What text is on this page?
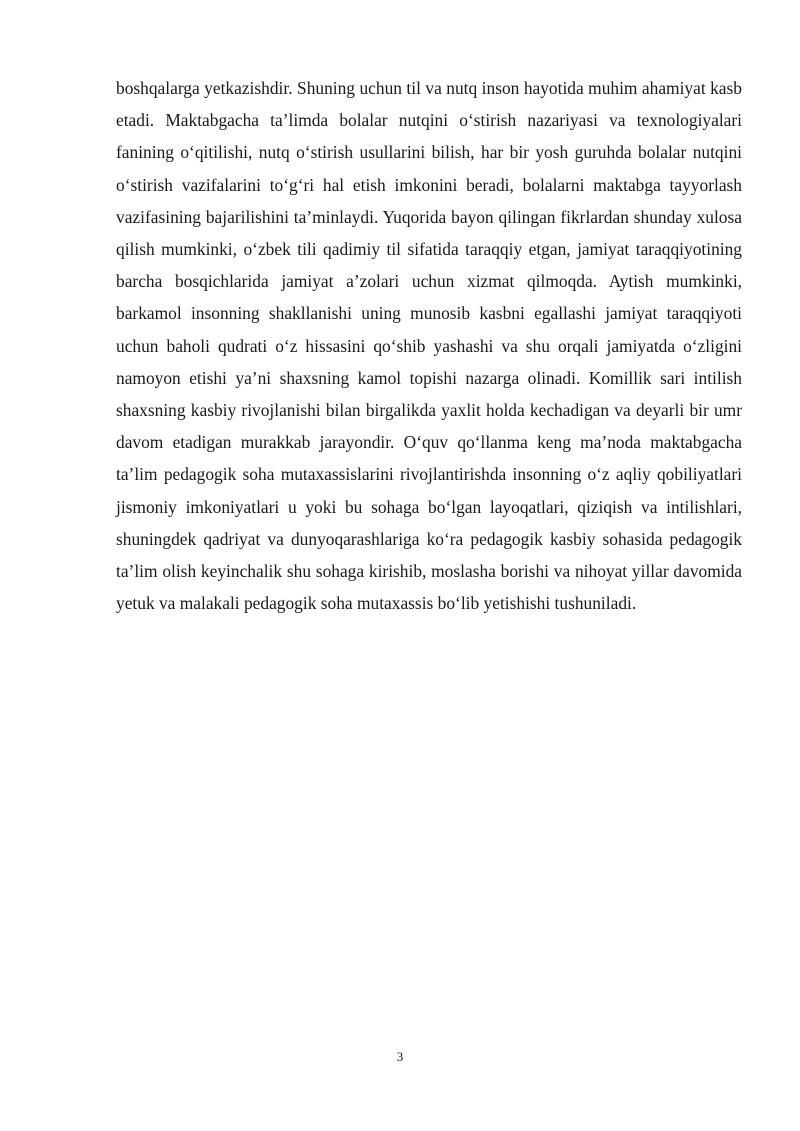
boshqalarga yetkazishdir. Shuning uchun til va nutq inson hayotida muhim ahamiyat kasb etadi. Maktabgacha ta’limda bolalar nutqini o‘stirish nazariyasi va texnologiyalari fanining o‘qitilishi, nutq o‘stirish usullarini bilish, har bir yosh guruhda bolalar nutqini o‘stirish vazifalarini to‘g‘ri hal etish imkonini beradi, bolalarni maktabga tayyorlash vazifasining bajarilishini ta’minlaydi. Yuqorida bayon qilingan fikrlardan shunday xulosa qilish mumkinki, o‘zbek tili qadimiy til sifatida taraqqiy etgan, jamiyat taraqqiyotining barcha bosqichlarida jamiyat a’zolari uchun xizmat qilmoqda. Aytish mumkinki, barkamol insonning shakllanishi uning munosib kasbni egallashi jamiyat taraqqiyoti uchun baholi qudrati o‘z hissasini qo‘shib yashashi va shu orqali jamiyatda o‘zligini namoyon etishi ya’ni shaxsning kamol topishi nazarga olinadi. Komillik sari intilish shaxsning kasbiy rivojlanishi bilan birgalikda yaxlit holda kechadigan va deyarli bir umr davom etadigan murakkab jarayondir. O‘quv qo‘llanma keng ma’noda maktabgacha ta’lim pedagogik soha mutaxassislarini rivojlantirishda insonning o‘z aqliy qobiliyatlari jismoniy imkoniyatlari u yoki bu sohaga bo‘lgan layoqatlari, qiziqish va intilishlari, shuningdek qadriyat va dunyoqarashlariga ko‘ra pedagogik kasbiy sohasida pedagogik ta’lim olish keyinchalik shu sohaga kirishib, moslasha borishi va nihoyat yillar davomida yetuk va malakali pedagogik soha mutaxassis bo‘lib yetishishi tushuniladi.

3
